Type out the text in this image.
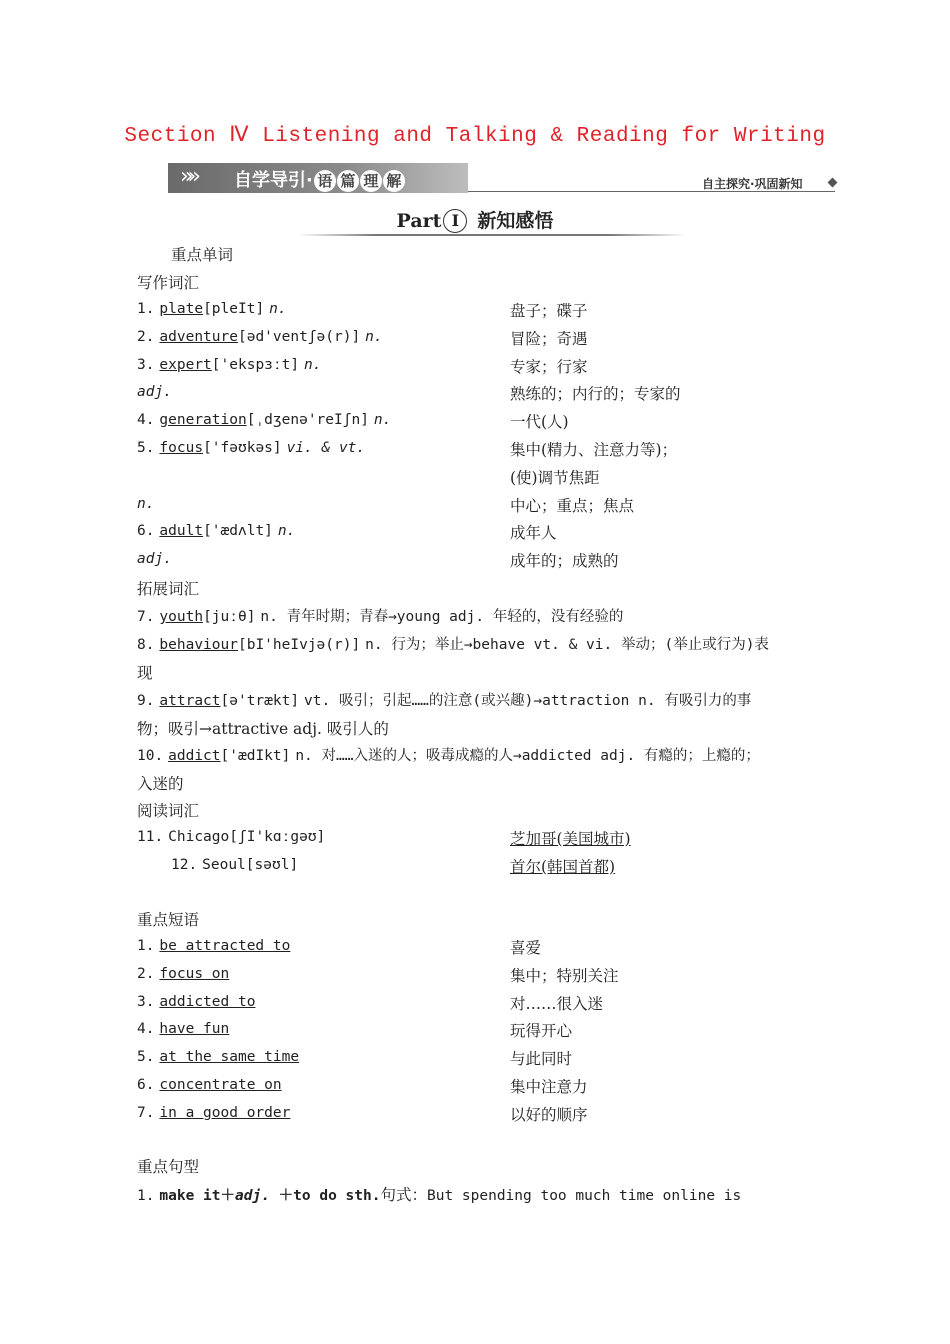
Section Ⅳ Listening and Talking & Reading for Writing
»» 自学导引· 语 篇 理 解	自主探究·巩固新知
Part Ⅰ 新知感悟
重点单词
写作词汇
1. plate[pleIt] n.	盘子；碟子
2. adventure[əd'ventʃə(r)] n.	冒险；奇遇
3. expert['ekspɜːt] n.	专家；行家
adj.	熟练的；内行的；专家的
4. generation[ˌdʒenə'reIʃn] n.	一代(人)
5. focus['fəʊkəs] vi. & vt.	集中(精力、注意力等)；
(使)调节焦距
n.	中心；重点；焦点
6. adult['ædʌlt] n.	成年人
adj.	成年的；成熟的
拓展词汇
7. youth[juːθ] n. 青年时期；青春→young adj. 年轻的，没有经验的
8. behaviour[bI'heIvjə(r)] n. 行为；举止→behave vt. & vi. 举动；(举止或行为)表
现
9. attract[ə'trækt] vt. 吸引；引起……的注意(或兴趣)→attraction n. 有吸引力的事
物；吸引→attractive adj. 吸引人的
10. addict['ædIkt] n. 对……入迷的人；吸毒成瘾的人→addicted adj. 有瘾的；上瘾的；
入迷的
阅读词汇
11. Chicago[ʃI'kɑːgəʊ]	芝加哥(美国城市)
12. Seoul[səʊl]	首尔(韩国首都)
重点短语
1. be attracted to	喜爱
2. focus on	集中；特别关注
3. addicted to	对……很入迷
4. have fun	玩得开心
5. at the same time	与此同时
6. concentrate on	集中注意力
7. in a good order	以好的顺序
重点句型
1. make it＋adj. ＋to do sth.句式：But spending too much time online is
